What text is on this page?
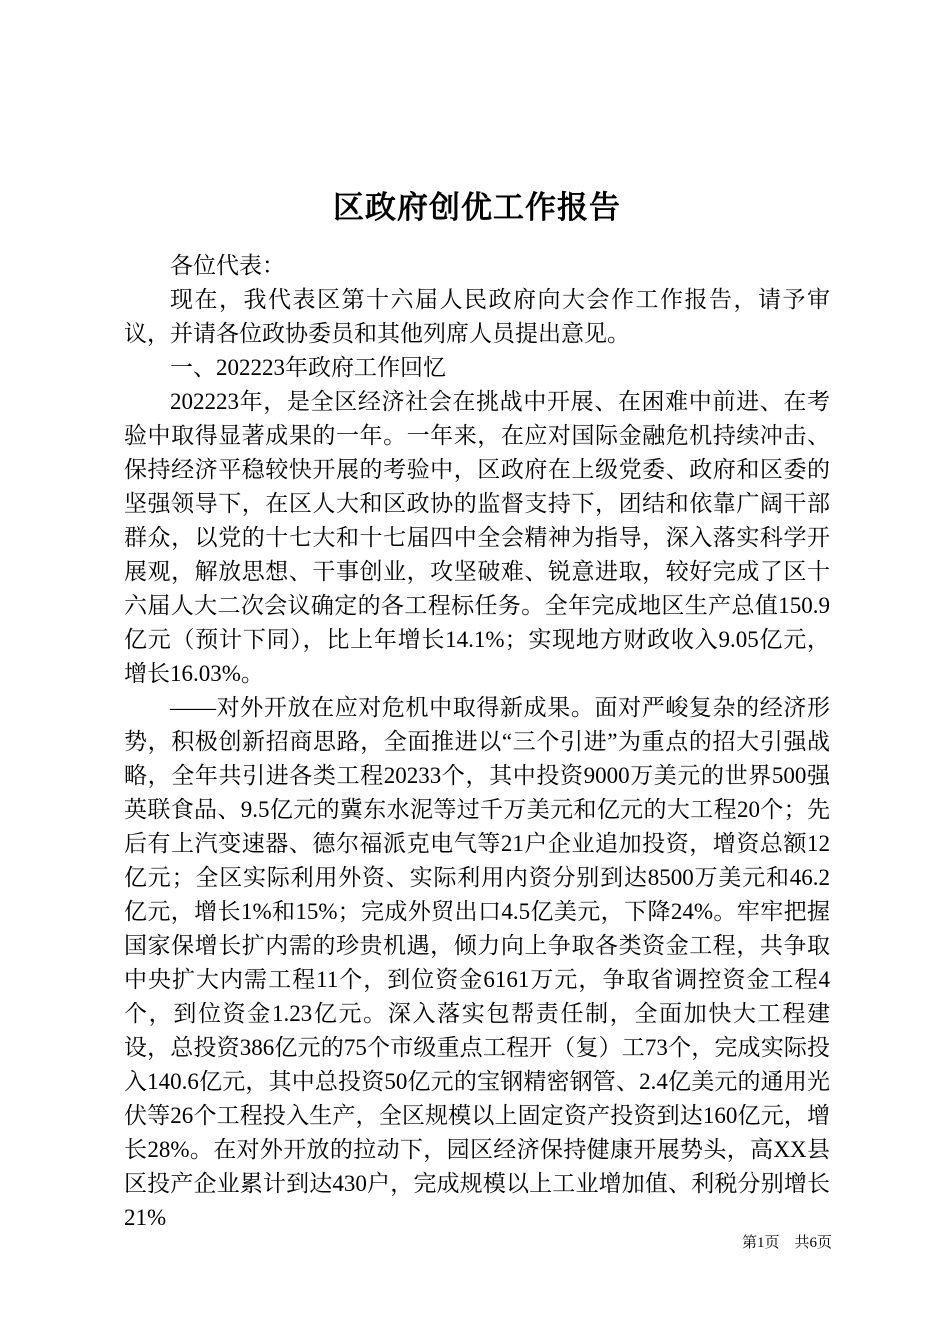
区政府创优工作报告

各位代表：

现在，我代表区第十六届人民政府向大会作工作报告，请予审议，并请各位政协委员和其他列席人员提出意见。

一、202223年政府工作回忆

202223年，是全区经济社会在挑战中开展、在困难中前进、在考验中取得显著成果的一年。一年来，在应对国际金融危机持续冲击、保持经济平稳较快开展的考验中，区政府在上级党委、政府和区委的坚强领导下，在区人大和区政协的监督支持下，团结和依靠广阔干部群众，以党的十七大和十七届四中全会精神为指导，深入落实科学开展观，解放思想、干事创业，攻坚破难、锐意进取，较好完成了区十六届人大二次会议确定的各工程标任务。全年完成地区生产总值150.9亿元（预计下同），比上年增长14.1%；实现地方财政收入9.05亿元，增长16.03%。

——对外开放在应对危机中取得新成果。面对严峻复杂的经济形势，积极创新招商思路，全面推进以“三个引进”为重点的招大引强战略，全年共引进各类工程20233个，其中投资9000万美元的世界500强英联食品、9.5亿元的冀东水泥等过千万美元和亿元的大工程20个；先后有上汽变速器、德尔福派克电气等21户企业追加投资，增资总额12亿元；全区实际利用外资、实际利用内资分别到达8500万美元和46.2亿元，增长1%和15%；完成外贸出口4.5亿美元，下降24%。牢牢把握国家保增长扩内需的珍贵机遇，倾力向上争取各类资金工程，共争取中央扩大内需工程11个，到位资金6161万元，争取省调控资金工程4个，到位资金1.23亿元。深入落实包帮责任制，全面加快大工程建设，总投资386亿元的75个市级重点工程开（复）工73个，完成实际投入140.6亿元，其中总投资50亿元的宝钢精密钢管、2.4亿美元的通用光伏等26个工程投入生产，全区规模以上固定资产投资到达160亿元，增长28%。在对外开放的拉动下，园区经济保持健康开展势头，高XX县区投产企业累计到达430户，完成规模以上工业增加值、利税分别增长21%

第1页　共6页
